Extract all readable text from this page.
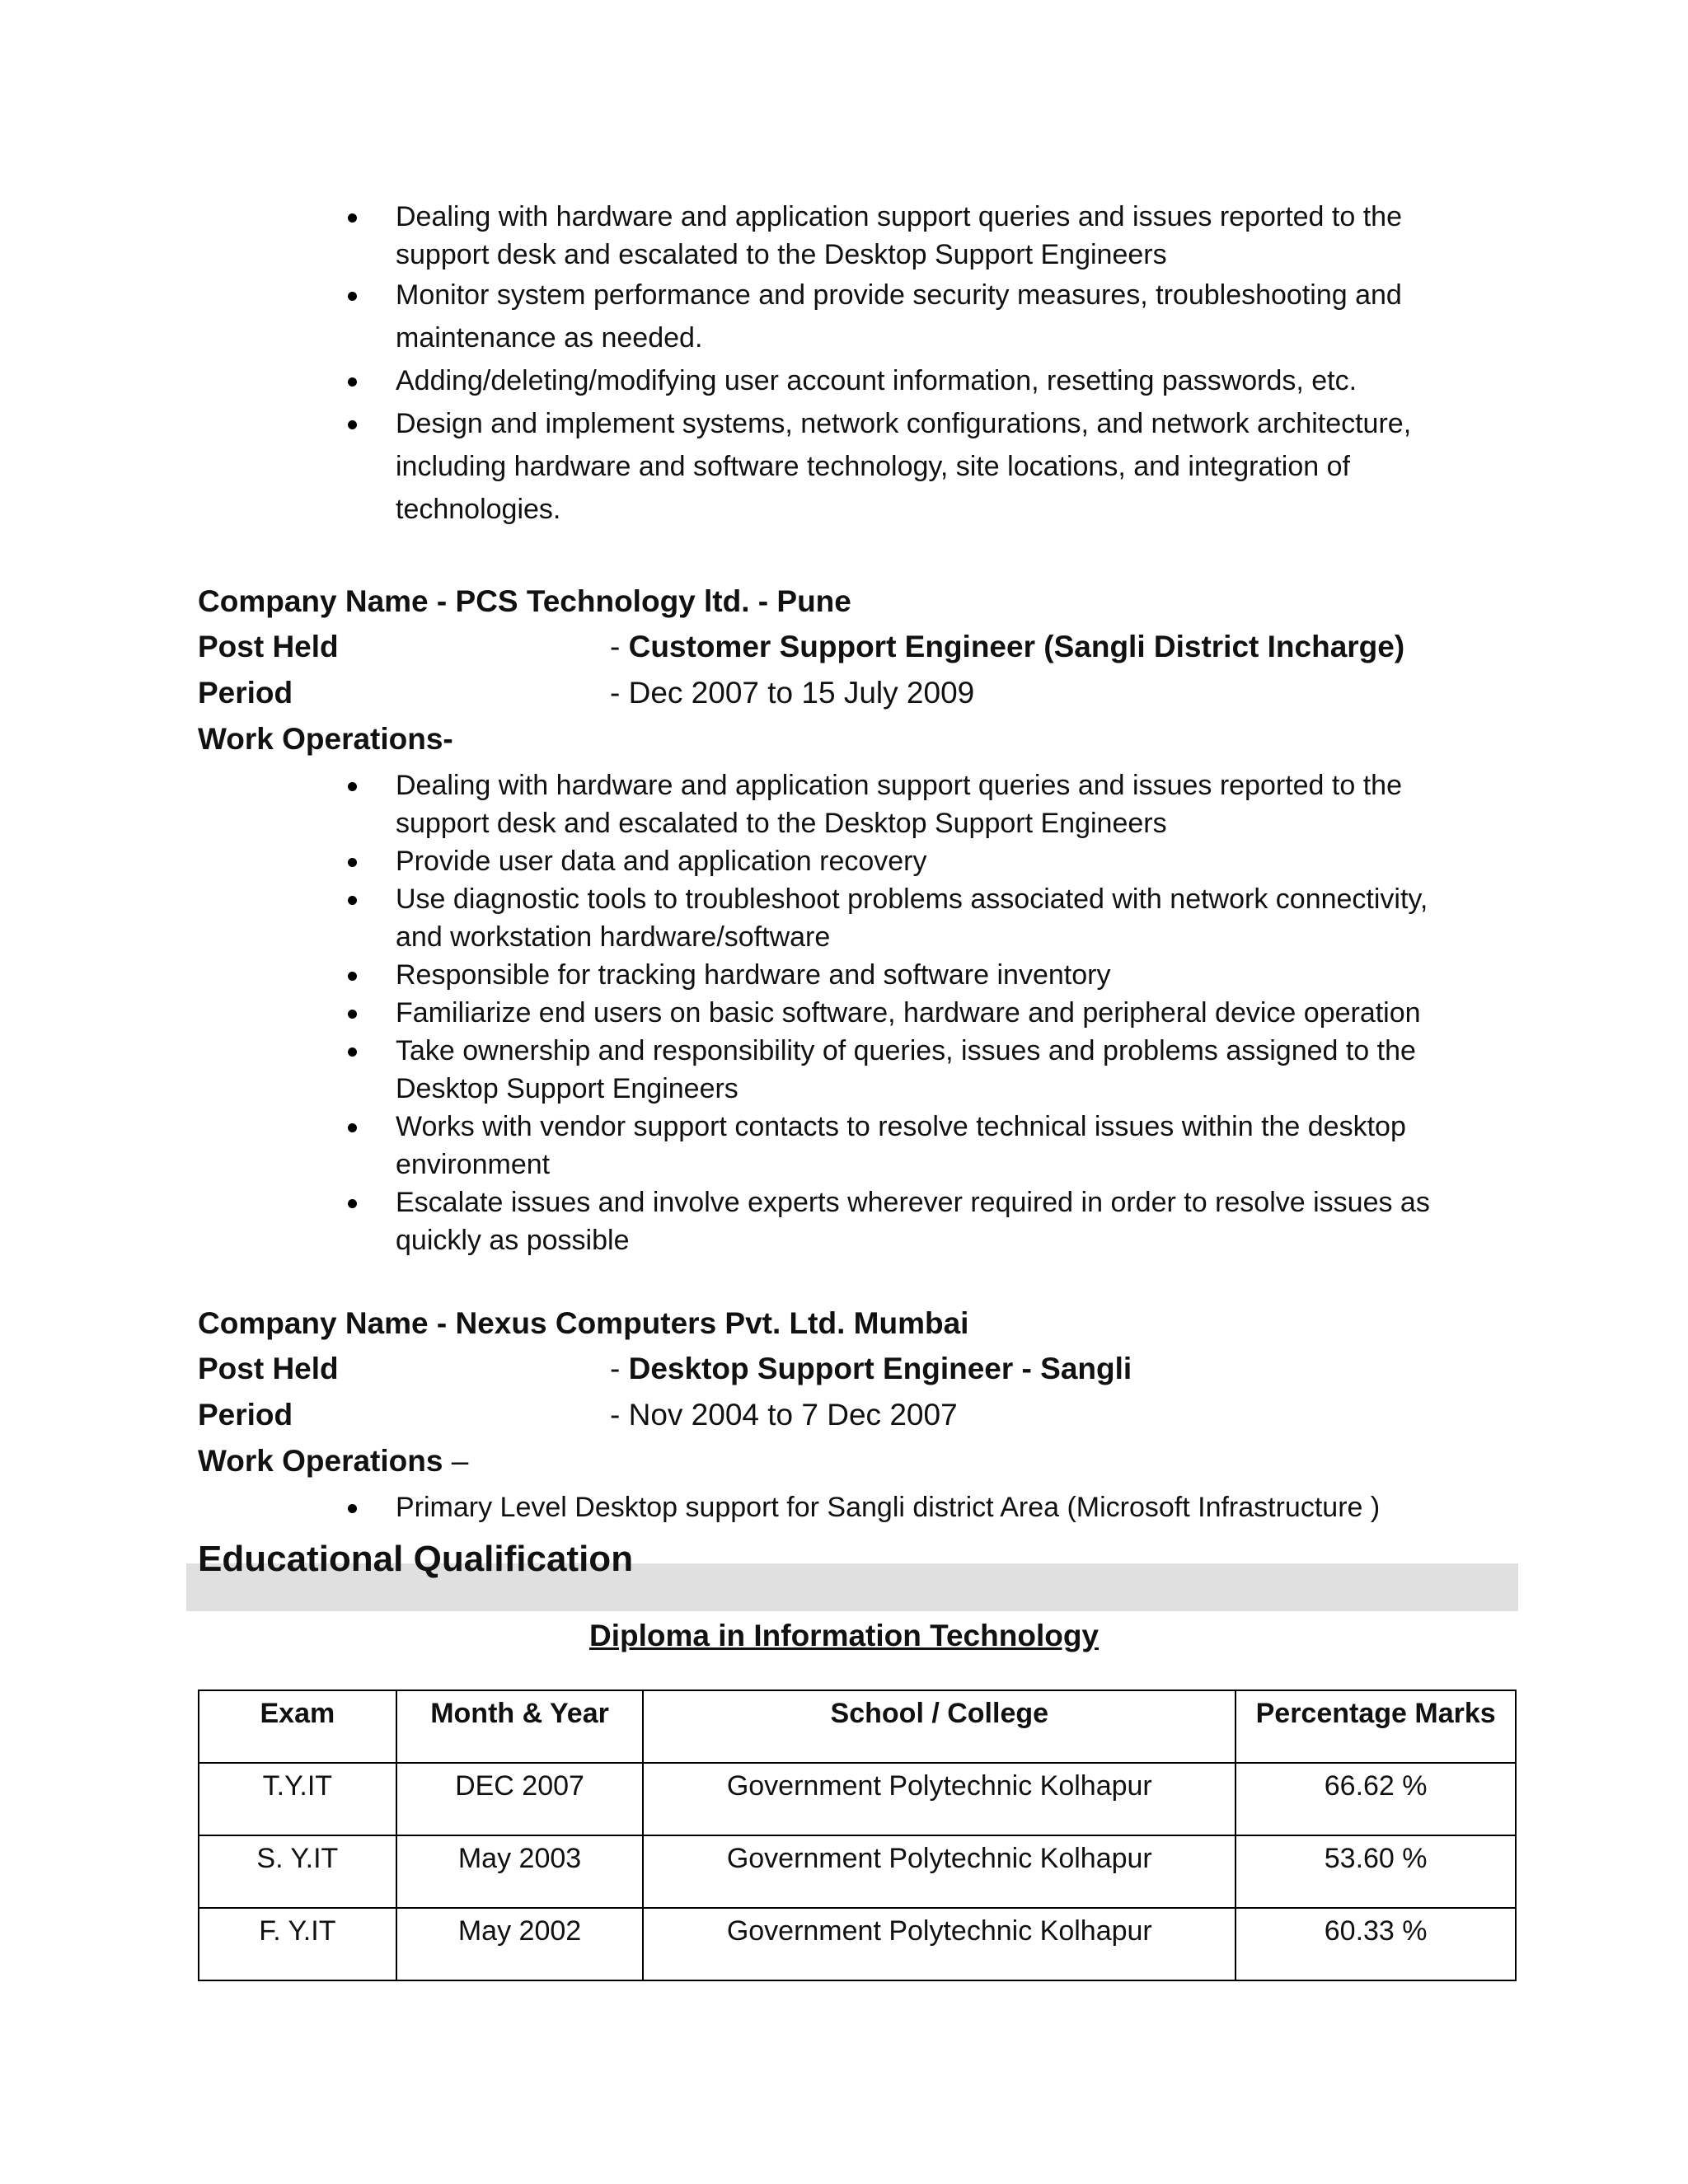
Dealing with hardware and application support queries and issues reported to the support desk and escalated to the Desktop Support Engineers
Monitor system performance and provide security measures, troubleshooting and maintenance as needed.
Adding/deleting/modifying user account information, resetting passwords, etc.
Design and implement systems, network configurations, and network architecture, including hardware and software technology, site locations, and integration of technologies.
Company Name - PCS Technology ltd. - Pune
Post Held	- Customer Support Engineer (Sangli District Incharge)
Period	- Dec 2007 to 15 July 2009
Work Operations-
Dealing with hardware and application support queries and issues reported to the support desk and escalated to the Desktop Support Engineers
Provide user data and application recovery
Use diagnostic tools to troubleshoot problems associated with network connectivity, and workstation hardware/software
Responsible for tracking hardware and software inventory
Familiarize end users on basic software, hardware and peripheral device operation
Take ownership and responsibility of queries, issues and problems assigned to the Desktop Support Engineers
Works with vendor support contacts to resolve technical issues within the desktop environment
Escalate issues and involve experts wherever required in order to resolve issues as quickly as possible
Company Name - Nexus Computers Pvt. Ltd. Mumbai
Post Held	- Desktop Support Engineer - Sangli
Period	- Nov 2004 to 7 Dec 2007
Work Operations –
Primary Level Desktop support for Sangli district Area (Microsoft Infrastructure )
Educational Qualification
Diploma in Information Technology
Exam	Month & Year	School / College	Percentage Marks
T.Y.IT	DEC 2007	Government Polytechnic Kolhapur	66.62 %
S. Y.IT	May 2003	Government Polytechnic Kolhapur	53.60 %
F. Y.IT	May 2002	Government Polytechnic Kolhapur	60.33 %
